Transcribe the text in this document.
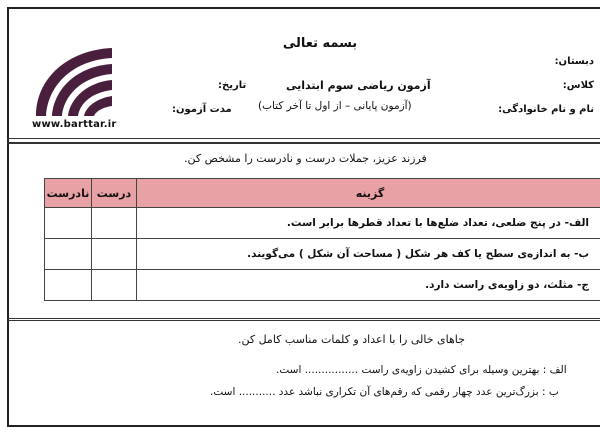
بسمه تعالی
دبستان:
کلاس:
نام و نام خانوادگی:
تاریخ:
مدت آزمون:
آزمون ریاضی سوم ابتدایی
(آزمون پایانی – از اول تا آخر کتاب)
www.barttar.ir
فرزند عزیز، جملات درست و نادرست را مشخص کن.
نادرست	درست	گزینه
		الف- در پنج ضلعی، تعداد ضلع‌ها با تعداد قطرها برابر است.
		ب- به اندازه‌ی سطح یا کف هر شکل ( مساحت آن شکل ) می‌گویند.
		ج- مثلث، دو زاویه‌ی راست دارد.
جاهای خالی را با اعداد و کلمات مناسب کامل کن.
الف : بهترین وسیله برای کشیدن زاویه‌ی راست ................ است.
ب : بزرگ‌ترین عدد چهار رقمی که رقم‌های آن تکراری نباشد عدد ........... است.
